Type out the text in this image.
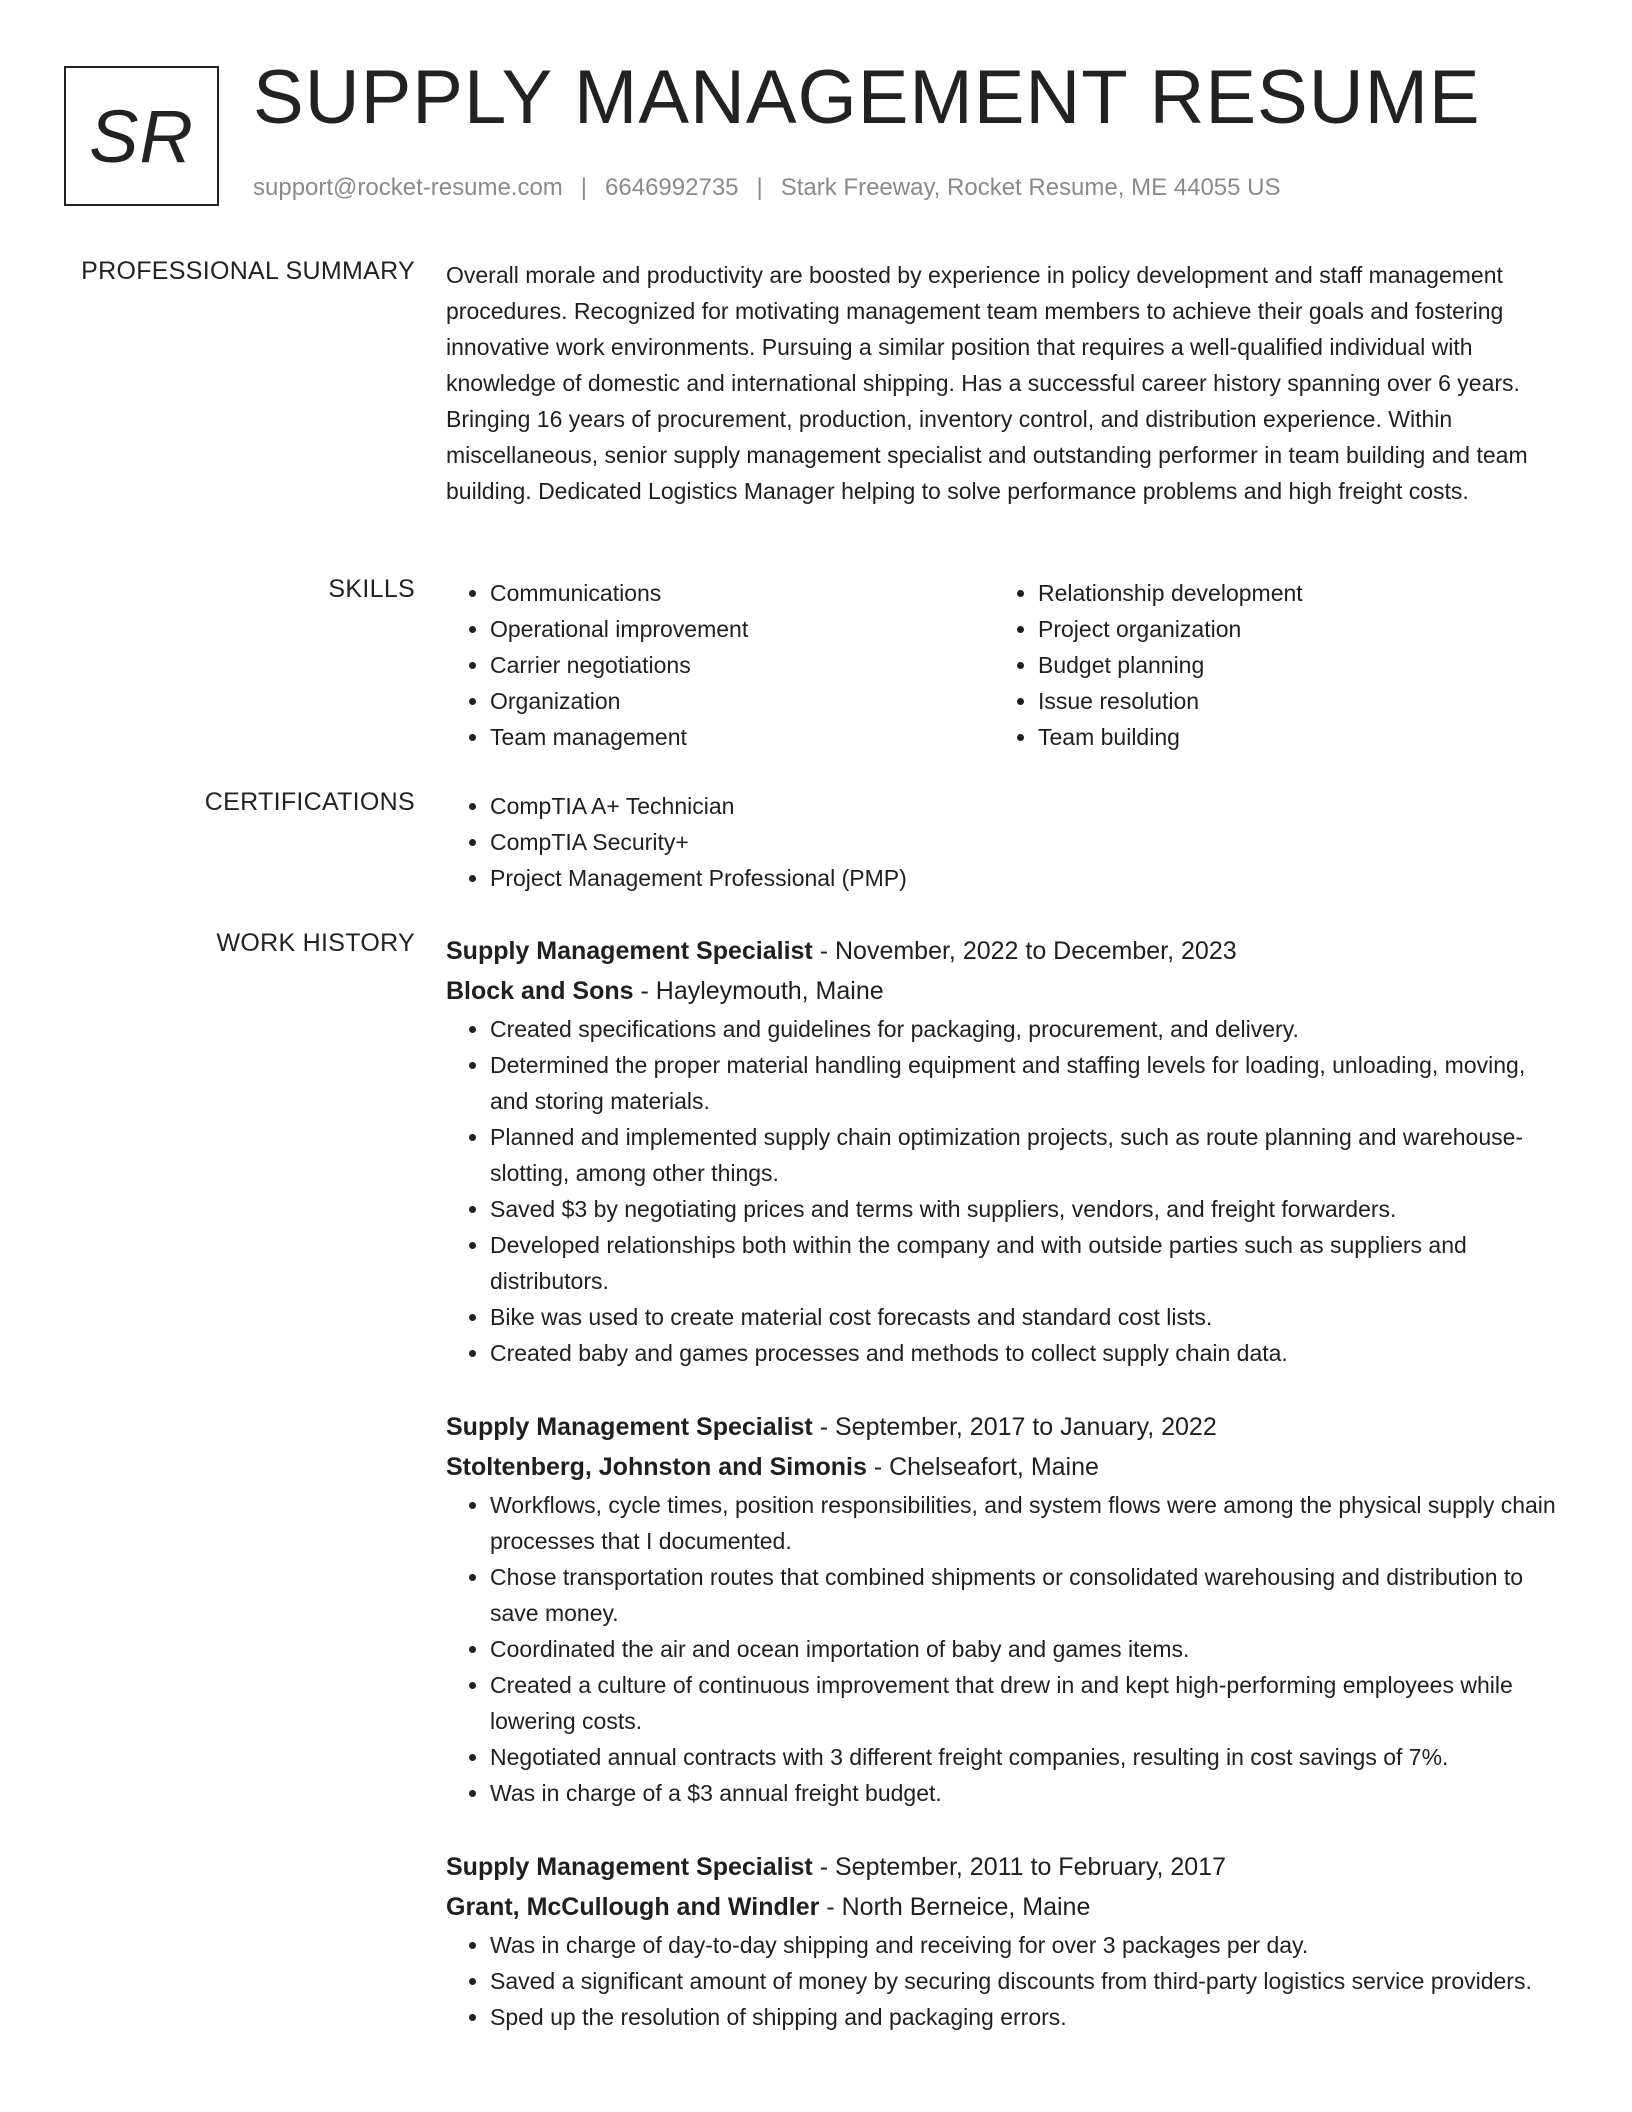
SR SUPPLY MANAGEMENT RESUME
support@rocket-resume.com | 6646992735 | Stark Freeway, Rocket Resume, ME 44055 US
PROFESSIONAL SUMMARY Overall morale and productivity are boosted by experience in policy development and staff management procedures. Recognized for motivating management team members to achieve their goals and fostering innovative work environments. Pursuing a similar position that requires a well-qualified individual with knowledge of domestic and international shipping. Has a successful career history spanning over 6 years. Bringing 16 years of procurement, production, inventory control, and distribution experience. Within miscellaneous, senior supply management specialist and outstanding performer in team building and team building. Dedicated Logistics Manager helping to solve performance problems and high freight costs.

SKILLS	• Communications
• Operational improvement
• Carrier negotiations
• Organization
• Team management
• Relationship development
• Project organization
• Budget planning
• Issue resolution
• Team building
CERTIFICATIONS	• CompTIA A+ Technician
• CompTIA Security+
• Project Management Professional (PMP)
WORK HISTORY Supply Management Specialist - November, 2022 to December, 2023
Block and Sons - Hayleymouth, Maine
• Created specifications and guidelines for packaging, procurement, and delivery.
• Determined the proper material handling equipment and staffing levels for loading, unloading, moving, and storing materials.
• Planned and implemented supply chain optimization projects, such as route planning and warehouse-slotting, among other things.
• Saved $3 by negotiating prices and terms with suppliers, vendors, and freight forwarders.
• Developed relationships both within the company and with outside parties such as suppliers and distributors.
• Bike was used to create material cost forecasts and standard cost lists.
• Created baby and games processes and methods to collect supply chain data.
Supply Management Specialist - September, 2017 to January, 2022
Stoltenberg, Johnston and Simonis - Chelseafort, Maine
• Workflows, cycle times, position responsibilities, and system flows were among the physical supply chain processes that I documented.
• Chose transportation routes that combined shipments or consolidated warehousing and distribution to save money.
• Coordinated the air and ocean importation of baby and games items.
• Created a culture of continuous improvement that drew in and kept high-performing employees while lowering costs.
• Negotiated annual contracts with 3 different freight companies, resulting in cost savings of 7%.
• Was in charge of a $3 annual freight budget.
Supply Management Specialist - September, 2011 to February, 2017
Grant, McCullough and Windler - North Berneice, Maine
• Was in charge of day-to-day shipping and receiving for over 3 packages per day.
• Saved a significant amount of money by securing discounts from third-party logistics service providers.
• Sped up the resolution of shipping and packaging errors.
